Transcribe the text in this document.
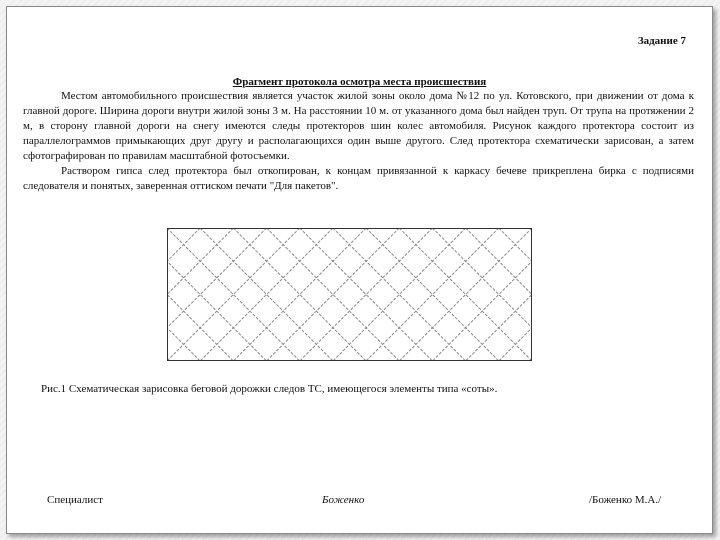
Задание 7
Фрагмент протокола осмотра места происшествия

Местом автомобильного происшествия является участок жилой зоны около дома №12 по ул. Котовского, при движении от дома к главной дороге. Ширина дороги внутри жилой зоны 3 м. На расстоянии 10 м. от указанного дома был найден труп. От трупа на протяжении 2 м, в сторону главной дороги на снегу имеются следы протекторов шин колес автомобиля. Рисунок каждого протектора состоит из параллелограммов примыкающих друг другу и располагающихся один выше другого. След протектора схематически зарисован, а затем сфотографирован по правилам масштабной фотосъемки.

Раствором гипса след протектора был откопирован, к концам привязанной к каркасу бечеве прикреплена бирка с подписями следователя и понятых, заверенная оттиском печати "Для пакетов".

Рис.1 Схематическая зарисовка беговой дорожки следов ТС, имеющегося элементы типа «соты».
Специалист	Боженко	/Боженко М.А./
